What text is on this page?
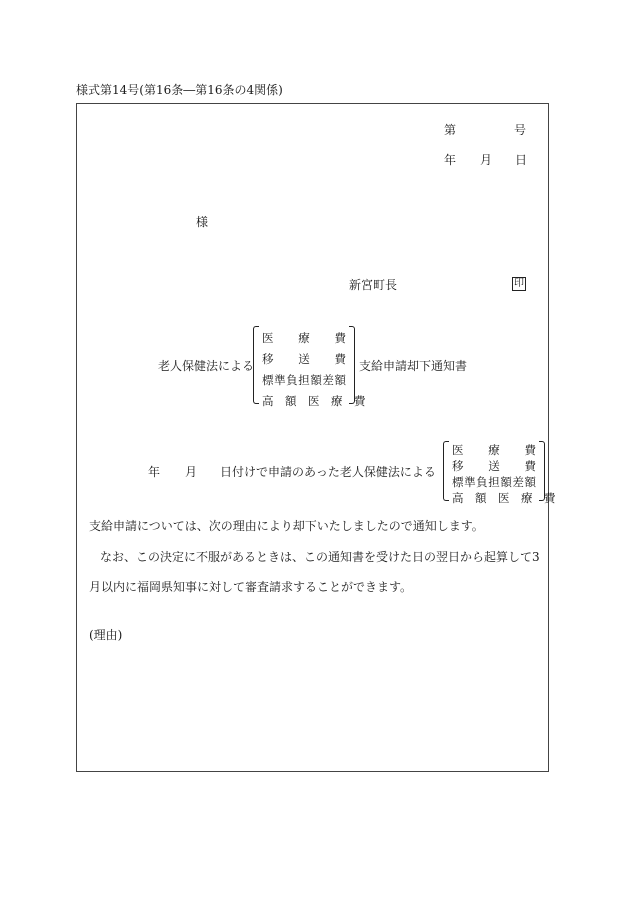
様式第14号(第16条―第16条の4関係)
第	号
年 月 日
様
新宮町長	印
老人保健法による
医　療　費
移　送　費
標準負担額差額
高　額　医　療　費
支給申請却下通知書
年 月 日付けで申請のあった老人保健法による
医　療　費
移　送　費
標準負担額差額
高　額　医　療　費
支給申請については、次の理由により却下いたしましたので通知します。
なお、この決定に不服があるときは、この通知書を受けた日の翌日から起算して3
月以内に福岡県知事に対して審査請求することができます。
(理由)
